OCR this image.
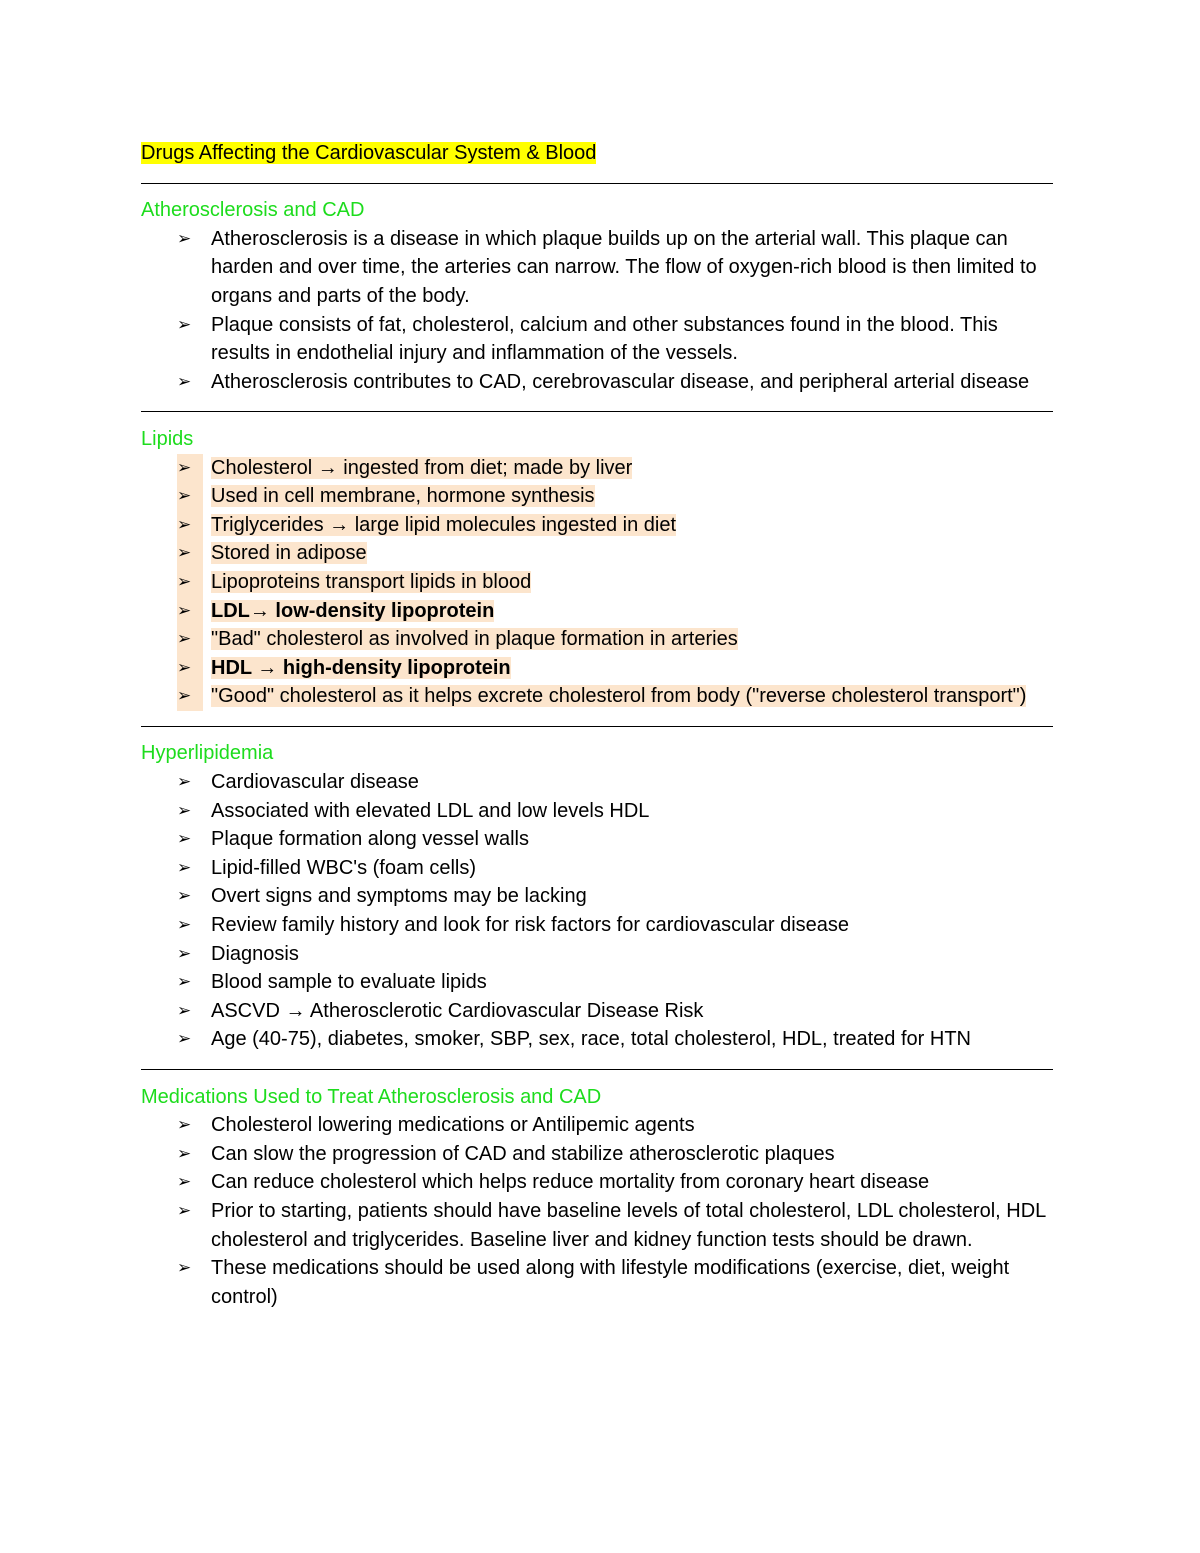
Drugs Affecting the Cardiovascular System & Blood
Atherosclerosis and CAD
➢ Atherosclerosis is a disease in which plaque builds up on the arterial wall. This plaque can harden and over time, the arteries can narrow. The flow of oxygen-rich blood is then limited to organs and parts of the body.
➢ Plaque consists of fat, cholesterol, calcium and other substances found in the blood. This results in endothelial injury and inflammation of the vessels.
➢ Atherosclerosis contributes to CAD, cerebrovascular disease, and peripheral arterial disease
Lipids
➢ Cholesterol → ingested from diet; made by liver
➢ Used in cell membrane, hormone synthesis
➢ Triglycerides → large lipid molecules ingested in diet
➢ Stored in adipose
➢ Lipoproteins transport lipids in blood
➢ LDL→ low-density lipoprotein
➢ "Bad" cholesterol as involved in plaque formation in arteries
➢ HDL → high-density lipoprotein
➢ "Good" cholesterol as it helps excrete cholesterol from body ("reverse cholesterol transport")
Hyperlipidemia
➢ Cardiovascular disease
➢ Associated with elevated LDL and low levels HDL
➢ Plaque formation along vessel walls
➢ Lipid-filled WBC's (foam cells)
➢ Overt signs and symptoms may be lacking
➢ Review family history and look for risk factors for cardiovascular disease
➢ Diagnosis
➢ Blood sample to evaluate lipids
➢ ASCVD → Atherosclerotic Cardiovascular Disease Risk
➢ Age (40-75), diabetes, smoker, SBP, sex, race, total cholesterol, HDL, treated for HTN
Medications Used to Treat Atherosclerosis and CAD
➢ Cholesterol lowering medications or Antilipemic agents
➢ Can slow the progression of CAD and stabilize atherosclerotic plaques
➢ Can reduce cholesterol which helps reduce mortality from coronary heart disease
➢ Prior to starting, patients should have baseline levels of total cholesterol, LDL cholesterol, HDL cholesterol and triglycerides. Baseline liver and kidney function tests should be drawn.
➢ These medications should be used along with lifestyle modifications (exercise, diet, weight control)
